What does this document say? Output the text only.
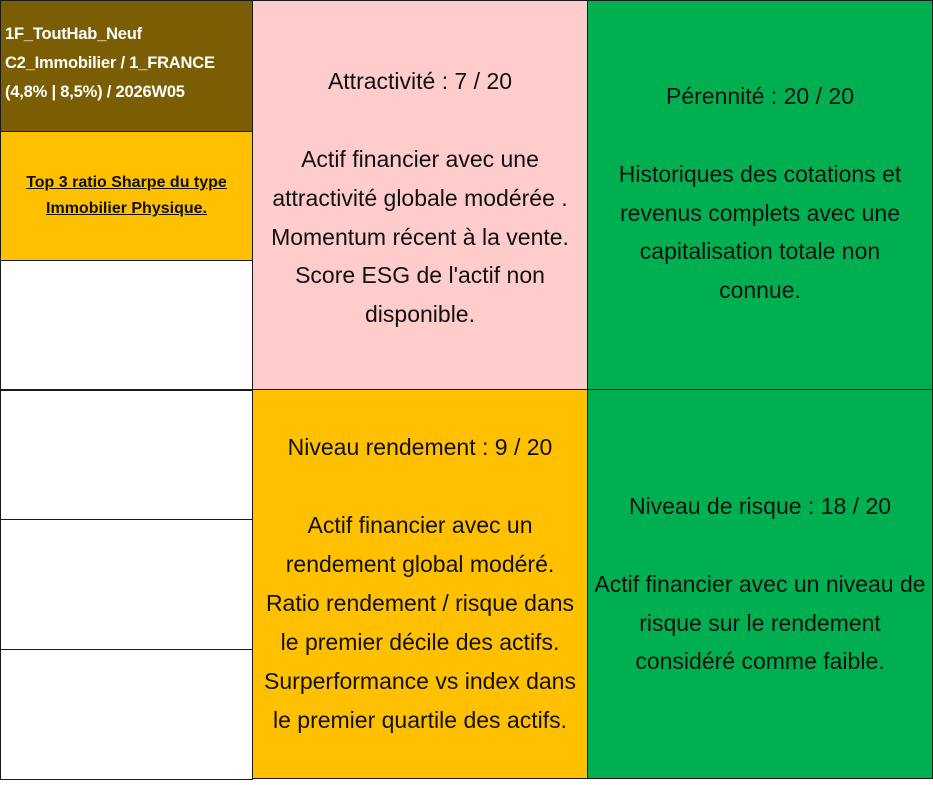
1F_ToutHab_Neuf
C2_Immobilier / 1_FRANCE
(4,8% | 8,5%) / 2026W05
Top 3 ratio Sharpe du type
Immobilier Physique.

Attractivité : 7 / 20

Actif financier avec une

attractivité globale modérée .

Momentum récent à la vente.

Score ESG de l'actif non

disponible.

Pérennité : 20 / 20

Historiques des cotations et

revenus complets avec une

capitalisation totale non

connue.

Niveau rendement : 9 / 20

Actif financier avec un

rendement global modéré.

Ratio rendement / risque dans

le premier décile des actifs.

Surperformance vs index dans

le premier quartile des actifs.

Niveau de risque : 18 / 20

Actif financier avec un niveau de

risque sur le rendement

considéré comme faible.
